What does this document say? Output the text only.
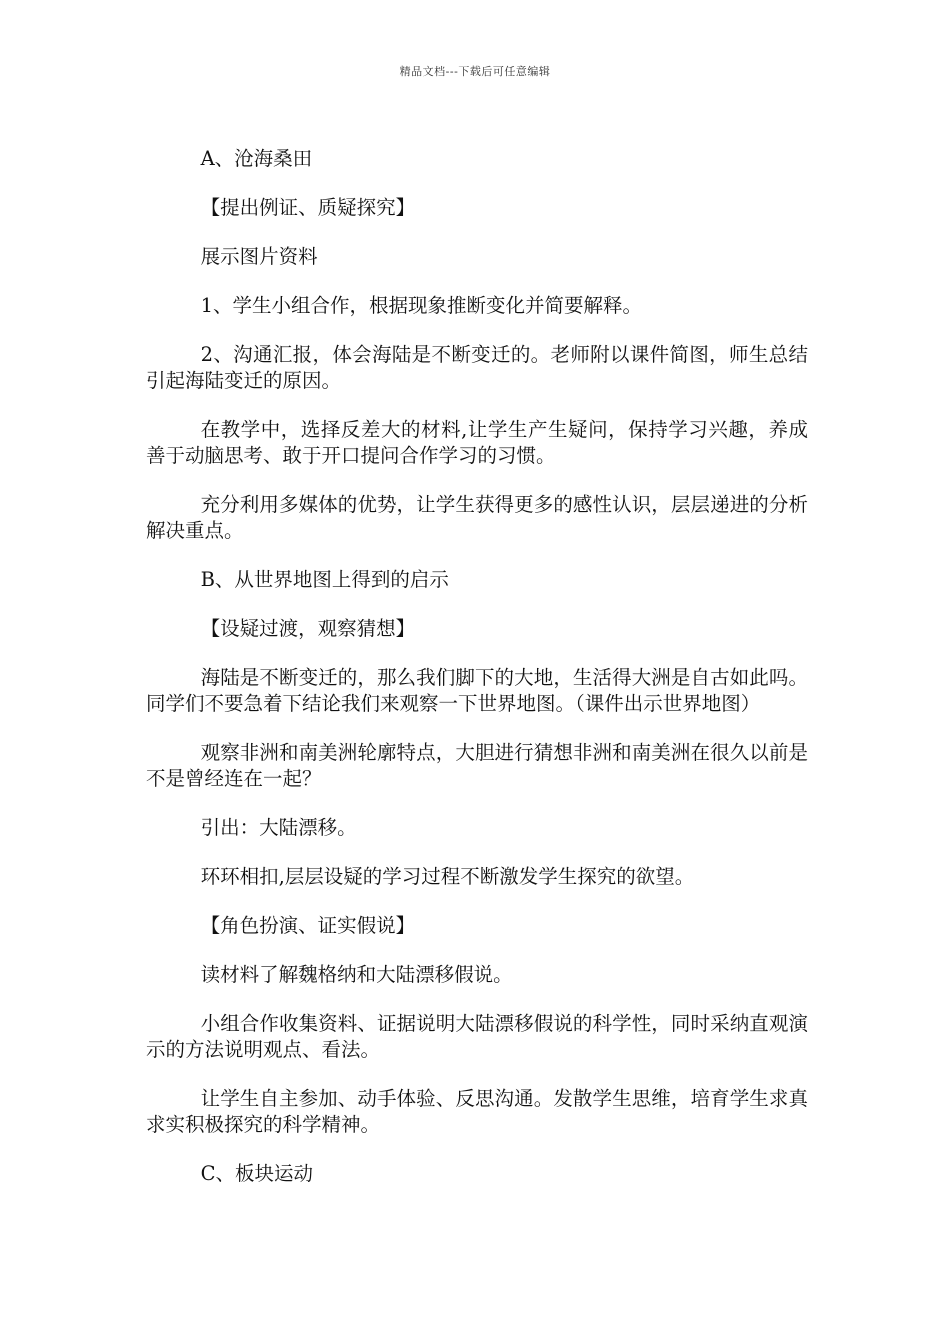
精品文档---下载后可任意编辑

A、沧海桑田

【提出例证、质疑探究】

展示图片资料

1、学生小组合作，根据现象推断变化并简要解释。

2、沟通汇报，体会海陆是不断变迁的。老师附以课件简图，师生总结引起海陆变迁的原因。

在教学中，选择反差大的材料,让学生产生疑问，保持学习兴趣，养成善于动脑思考、敢于开口提问合作学习的习惯。

充分利用多媒体的优势，让学生获得更多的感性认识，层层递进的分析解决重点。

B、从世界地图上得到的启示

【设疑过渡，观察猜想】

海陆是不断变迁的，那么我们脚下的大地，生活得大洲是自古如此吗。同学们不要急着下结论我们来观察一下世界地图。（课件出示世界地图）

观察非洲和南美洲轮廓特点，大胆进行猜想非洲和南美洲在很久以前是不是曾经连在一起？

引出：大陆漂移。

环环相扣,层层设疑的学习过程不断激发学生探究的欲望。

【角色扮演、证实假说】

读材料了解魏格纳和大陆漂移假说。

小组合作收集资料、证据说明大陆漂移假说的科学性，同时采纳直观演示的方法说明观点、看法。

让学生自主参加、动手体验、反思沟通。发散学生思维，培育学生求真求实积极探究的科学精神。

C、板块运动
